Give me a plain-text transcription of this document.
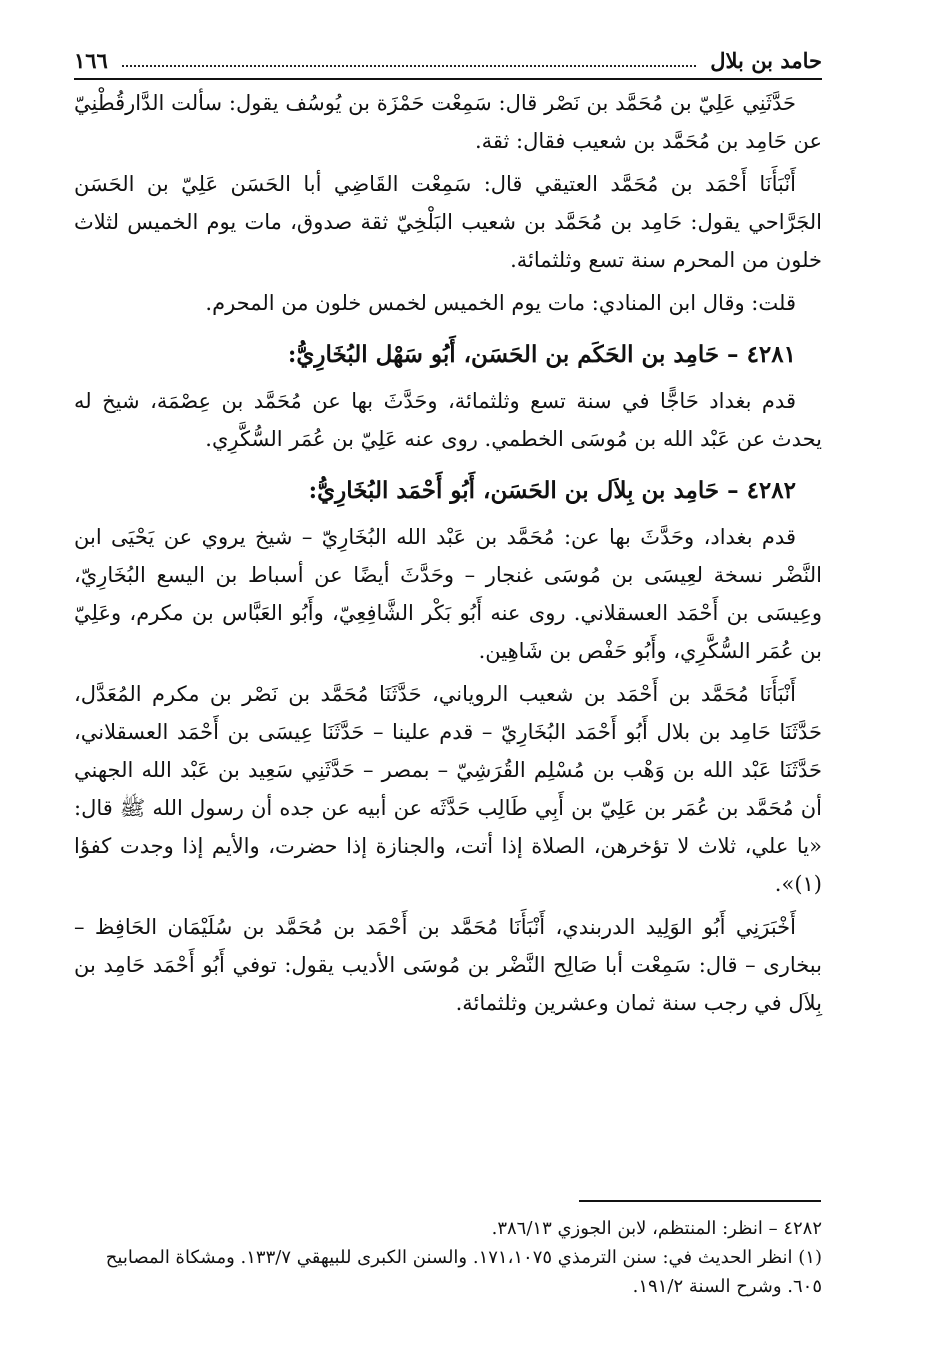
١٦٦	حامد بن بلال

حَدَّثَنِي عَلِيّ بن مُحَمَّد بن نَصْر قال: سَمِعْت حَمْزَة بن يُوسُف يقول: سألت الدَّارقُطْنِيّ عن حَامِد بن مُحَمَّد بن شعيب فقال: ثقة.

أَنْبَأَنَا أَحْمَد بن مُحَمَّد العتيقي قال: سَمِعْت القَاضِي أبا الحَسَن عَلِيّ بن الحَسَن الجَرَّاحي يقول: حَامِد بن مُحَمَّد بن شعيب البَلْخِيّ ثقة صدوق، مات يوم الخميس لثلاث خلون من المحرم سنة تسع وثلثمائة.

قلت: وقال ابن المنادي: مات يوم الخميس لخمس خلون من المحرم.

٤٢٨١ – حَامِد بن الحَكَم بن الحَسَن، أَبُو سَهْل البُخَارِيُّ:

قدم بغداد حَاجًّا في سنة تسع وثلثمائة، وحَدَّثَ بها عن مُحَمَّد بن عِصْمَة، شيخ له يحدث عن عَبْد الله بن مُوسَى الخطمي. روى عنه عَلِيّ بن عُمَر السُّكَّرِي.

٤٢٨٢ – حَامِد بن بِلاَل بن الحَسَن، أَبُو أَحْمَد البُخَارِيُّ:

قدم بغداد، وحَدَّثَ بها عن: مُحَمَّد بن عَبْد الله البُخَارِيّ – شيخ يروي عن يَحْيَى ابن النَّضْر نسخة لعِيسَى بن مُوسَى غنجار – وحَدَّثَ أيضًا عن أسباط بن اليسع البُخَارِيّ، وعِيسَى بن أَحْمَد العسقلاني. روى عنه أَبُو بَكْر الشَّافِعِيّ، وأَبُو العَبَّاس بن مكرم، وعَلِيّ بن عُمَر السُّكَّرِي، وأَبُو حَفْص بن شَاهِين.

أَنْبَأَنَا مُحَمَّد بن أَحْمَد بن شعيب الروياني، حَدَّثَنَا مُحَمَّد بن نَصْر بن مكرم المُعَدَّل، حَدَّثَنَا حَامِد بن بلال أَبُو أَحْمَد البُخَارِيّ – قدم علينا – حَدَّثَنَا عِيسَى بن أَحْمَد العسقلاني، حَدَّثَنَا عَبْد الله بن وَهْب بن مُسْلِم القُرَشِيّ – بمصر – حَدَّثَنِي سَعِيد بن عَبْد الله الجهني أن مُحَمَّد بن عُمَر بن عَلِيّ بن أَبِي طَالِب حَدَّثَه عن أبيه عن جده أن رسول الله ﷺ قال: «يا علي، ثلاث لا تؤخرهن، الصلاة إذا أتت، والجنازة إذا حضرت، والأيم إذا وجدت كفؤا (١)».

أَخْبَرَنِي أَبُو الوَلِيد الدربندي، أَنْبَأَنَا مُحَمَّد بن أَحْمَد بن مُحَمَّد بن سُلَيْمَان الحَافِظ – ببخارى – قال: سَمِعْت أبا صَالِح النَّضْر بن مُوسَى الأديب يقول: توفي أَبُو أَحْمَد حَامِد بن بِلاَل في رجب سنة ثمان وعشرين وثلثمائة.

٤٢٨٢ – انظر: المنتظم، لابن الجوزي ٣٨٦/١٣.
(١) انظر الحديث في: سنن الترمذي ١٧١،١٠٧٥. والسنن الكبرى للبيهقي ١٣٣/٧. ومشكاة المصابيح ٦٠٥. وشرح السنة ١٩١/٢.
